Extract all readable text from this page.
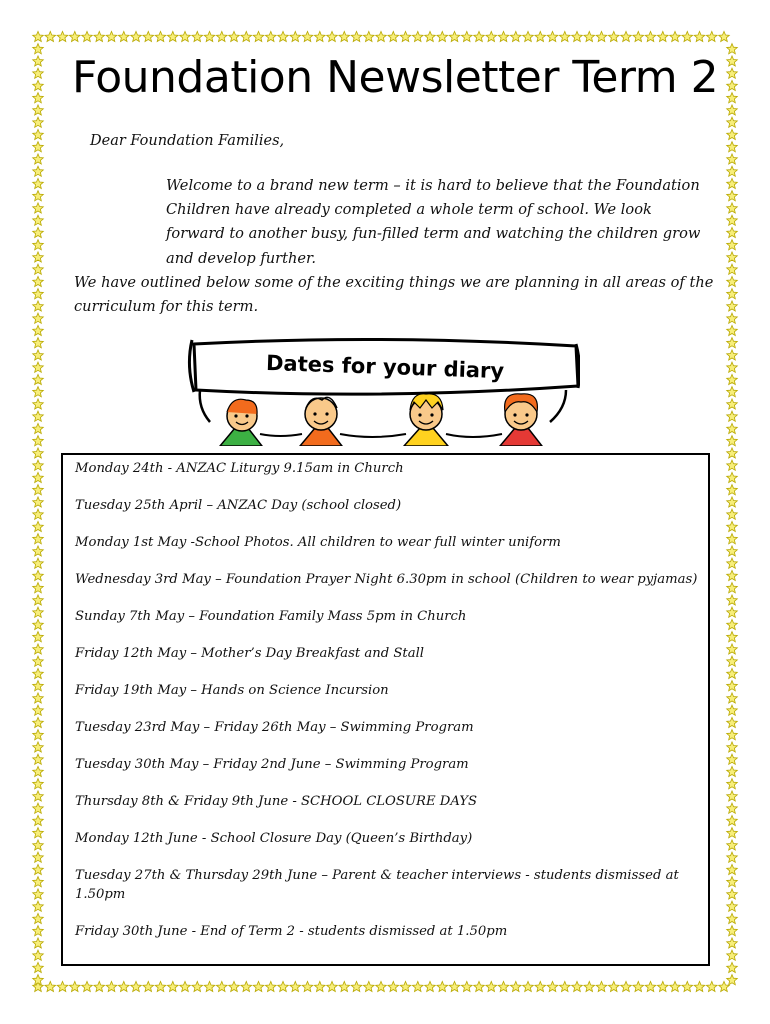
Foundation Newsletter Term 2
Dear Foundation Families,

Welcome to a brand new term – it is hard to believe that the Foundation Children have already completed a whole term of school. We look forward to another busy, fun-filled term and watching the children grow and develop further.

We have outlined below some of the exciting things we are planning in all areas of the curriculum for this term.

Dates for your diary
Monday 24th - ANZAC Liturgy 9.15am in Church
Tuesday 25th April – ANZAC Day (school closed)
Monday 1st May -School Photos. All children to wear full winter uniform
Wednesday 3rd May – Foundation Prayer Night 6.30pm in school (Children to wear pyjamas)
Sunday 7th May – Foundation Family Mass 5pm in Church
Friday 12th May – Mother’s Day Breakfast and Stall
Friday 19th May – Hands on Science Incursion
Tuesday 23rd May – Friday 26th May – Swimming Program
Tuesday 30th May – Friday 2nd June – Swimming Program
Thursday 8th & Friday 9th June - SCHOOL CLOSURE DAYS
Monday 12th June - School Closure Day (Queen’s Birthday)
Tuesday 27th & Thursday 29th June – Parent & teacher interviews - students dismissed at 1.50pm
Friday 30th June - End of Term 2 - students dismissed at 1.50pm
